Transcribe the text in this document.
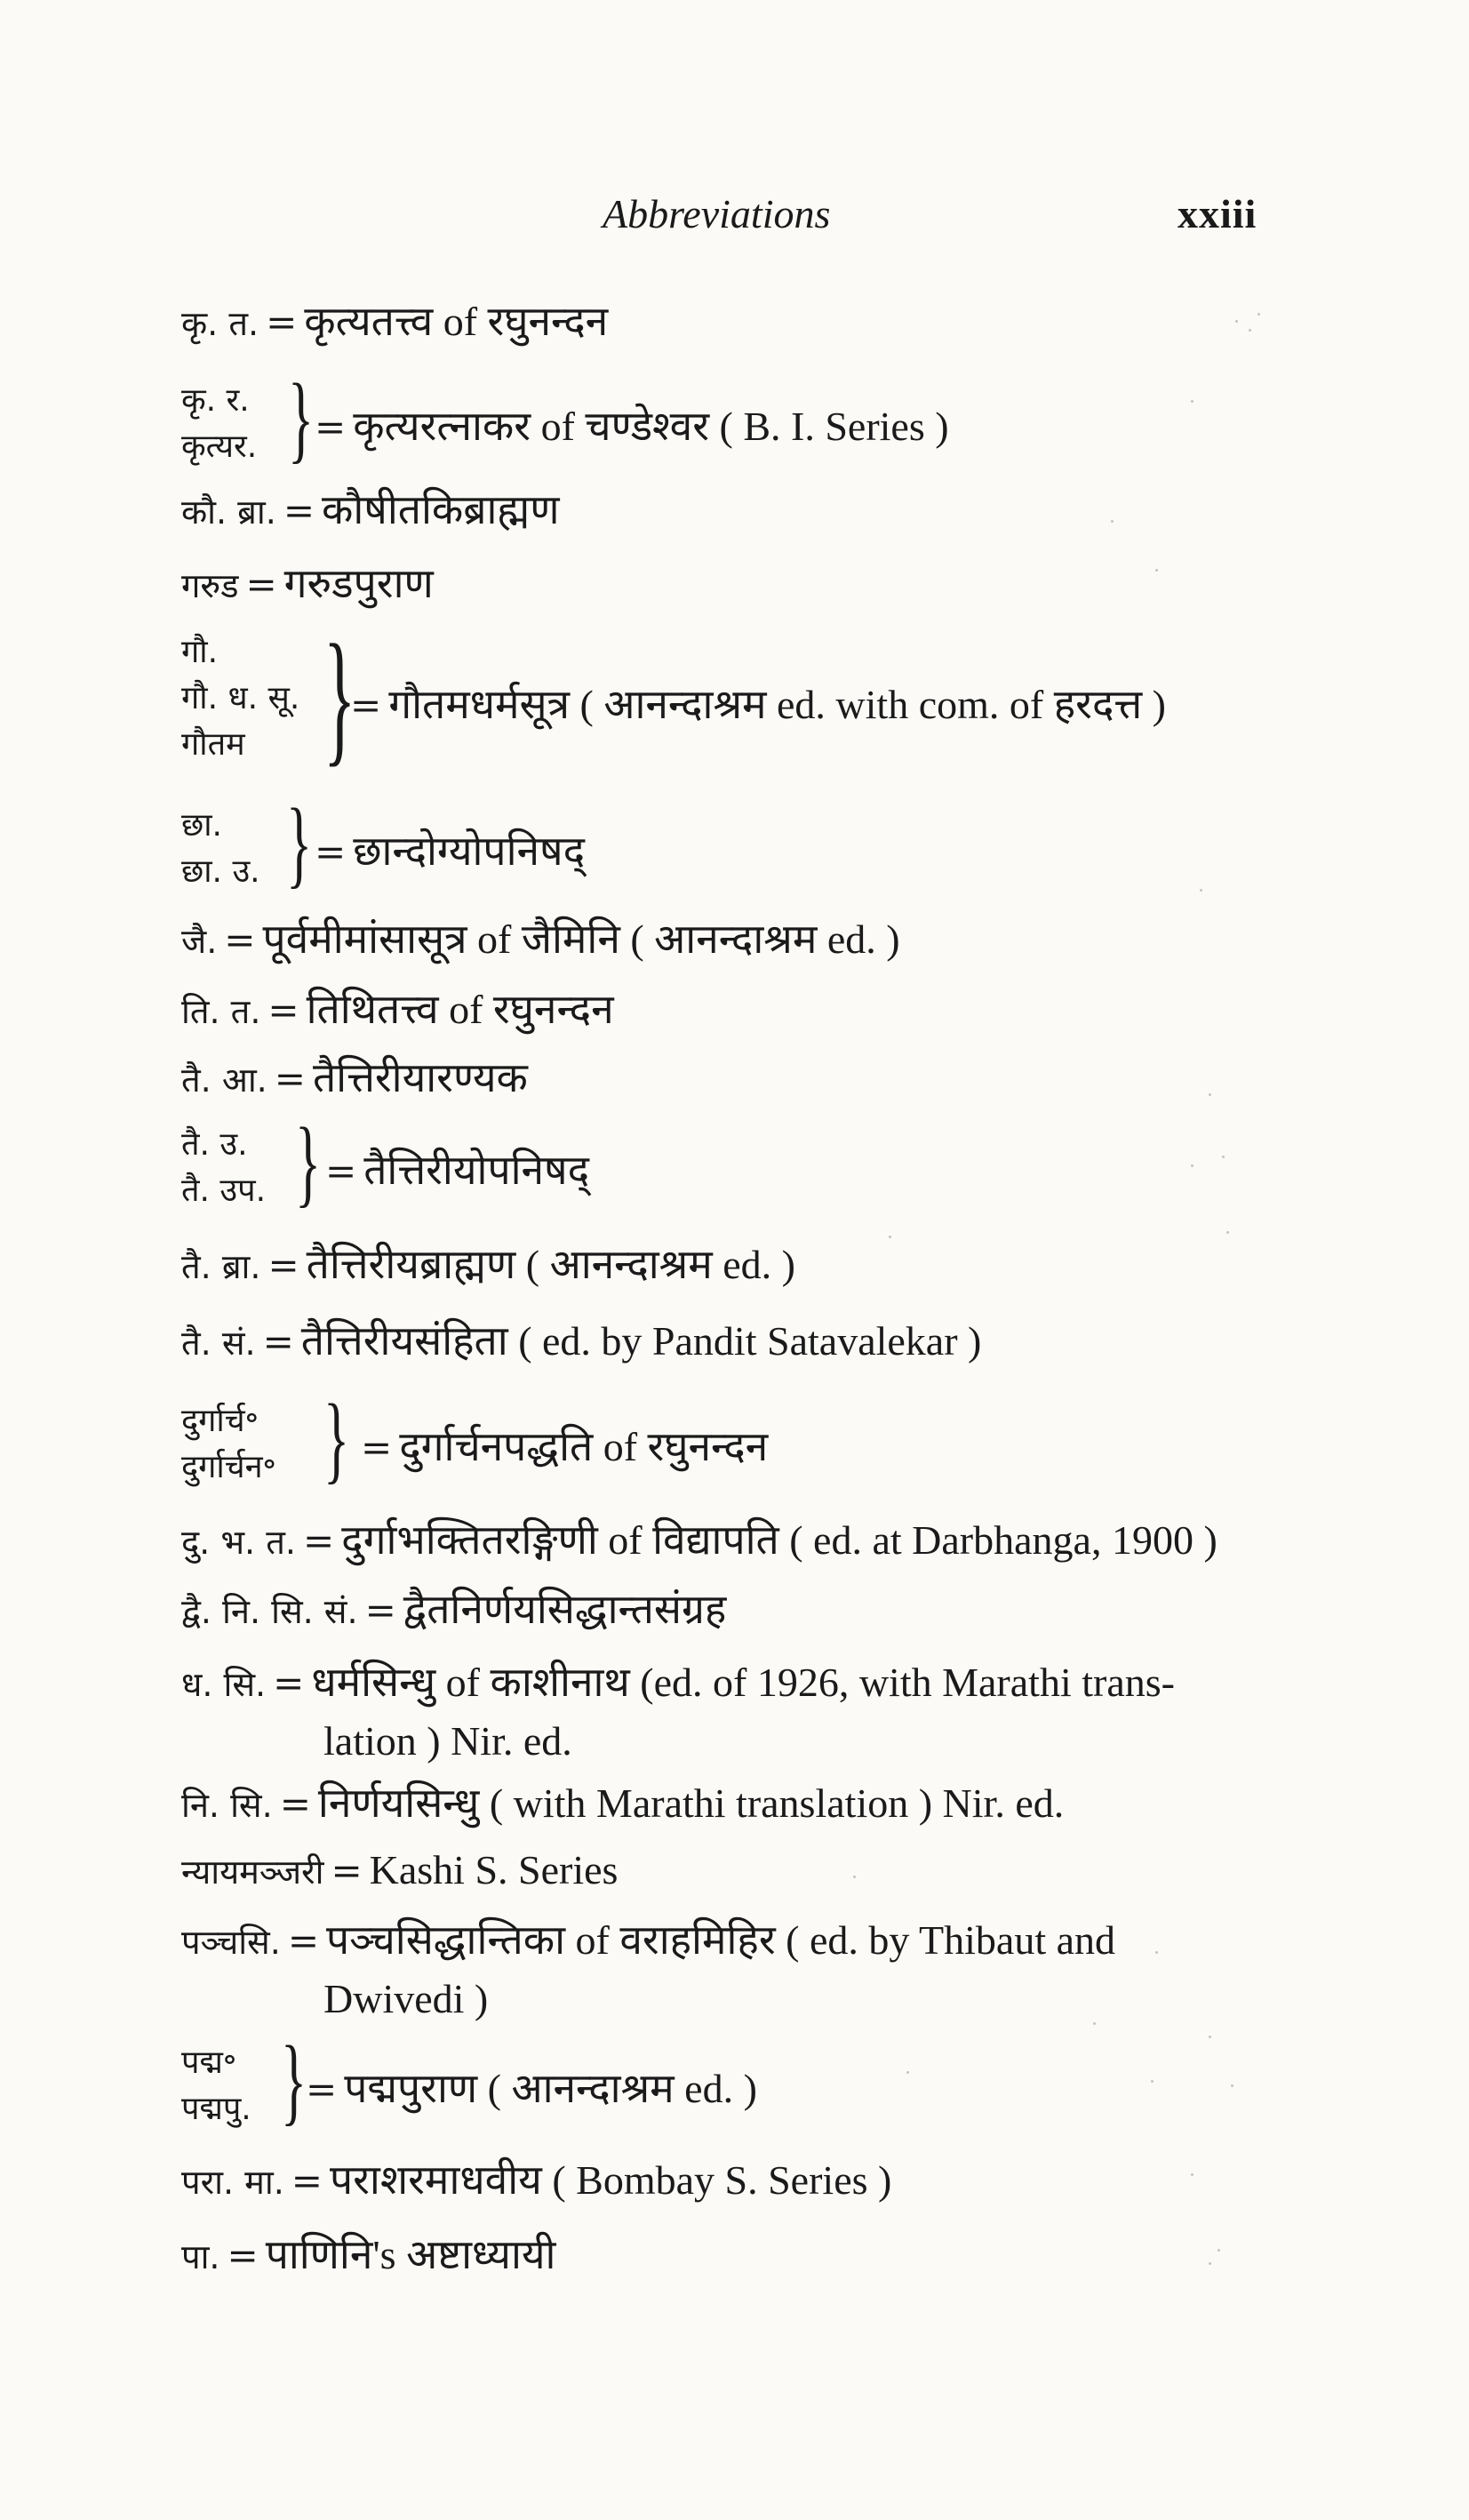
Abbreviations	xxiii
कृ. त. = कृत्यतत्त्व of रघुनन्दन
कृ. र.
कृत्यर. } = कृत्यरत्नाकर of चण्डेश्वर ( B. I. Series )
कौ. ब्रा. = कौषीतकिब्राह्मण
गरुड = गरुडपुराण
गौ.
गौ. ध. सू.
गौतम }
= गौतमधर्मसूत्र ( आनन्दाश्रम ed. with com. of हरदत्त )
छा.
छा. उ. } = छान्दोग्योपनिषद्
जै. = पूर्वमीमांसासूत्र of जैमिनि ( आनन्दाश्रम ed. )
ति. त. = तिथितत्त्व of रघुनन्दन
तै. आ. = तैत्तिरीयारण्यक
तै. उ.
तै. उप. } = तैत्तिरीयोपनिषद्
तै. ब्रा. = तैत्तिरीयब्राह्मण ( आनन्दाश्रम ed. )
तै. सं. = तैत्तिरीयसंहिता ( ed. by Pandit Satavalekar )
दुर्गार्च॰
दुर्गार्चन॰ } = दुर्गार्चनपद्धति of रघुनन्दन
दु. भ. त. = दुर्गाभक्तितरङ्गिणी of विद्यापति ( ed. at Darbhanga, 1900 )
द्वै. नि. सि. सं. = द्वैतनिर्णयसिद्धान्तसंग्रह
ध. सि. = धर्मसिन्धु of काशीनाथ (ed. of 1926, with Marathi trans-
lation ) Nir. ed.
नि. सि. = निर्णयसिन्धु ( with Marathi translation ) Nir. ed.
न्यायमञ्जरी = Kashi S. Series
पञ्चसि. = पञ्चसिद्धान्तिका of वराहमिहिर ( ed. by Thibaut and
Dwivedi )
पद्म॰
पद्मपु. }
= पद्मपुराण ( आनन्दाश्रम ed. )
परा. मा. = पराशरमाधवीय ( Bombay S. Series )
पा. = पाणिनि's अष्टाध्यायी
